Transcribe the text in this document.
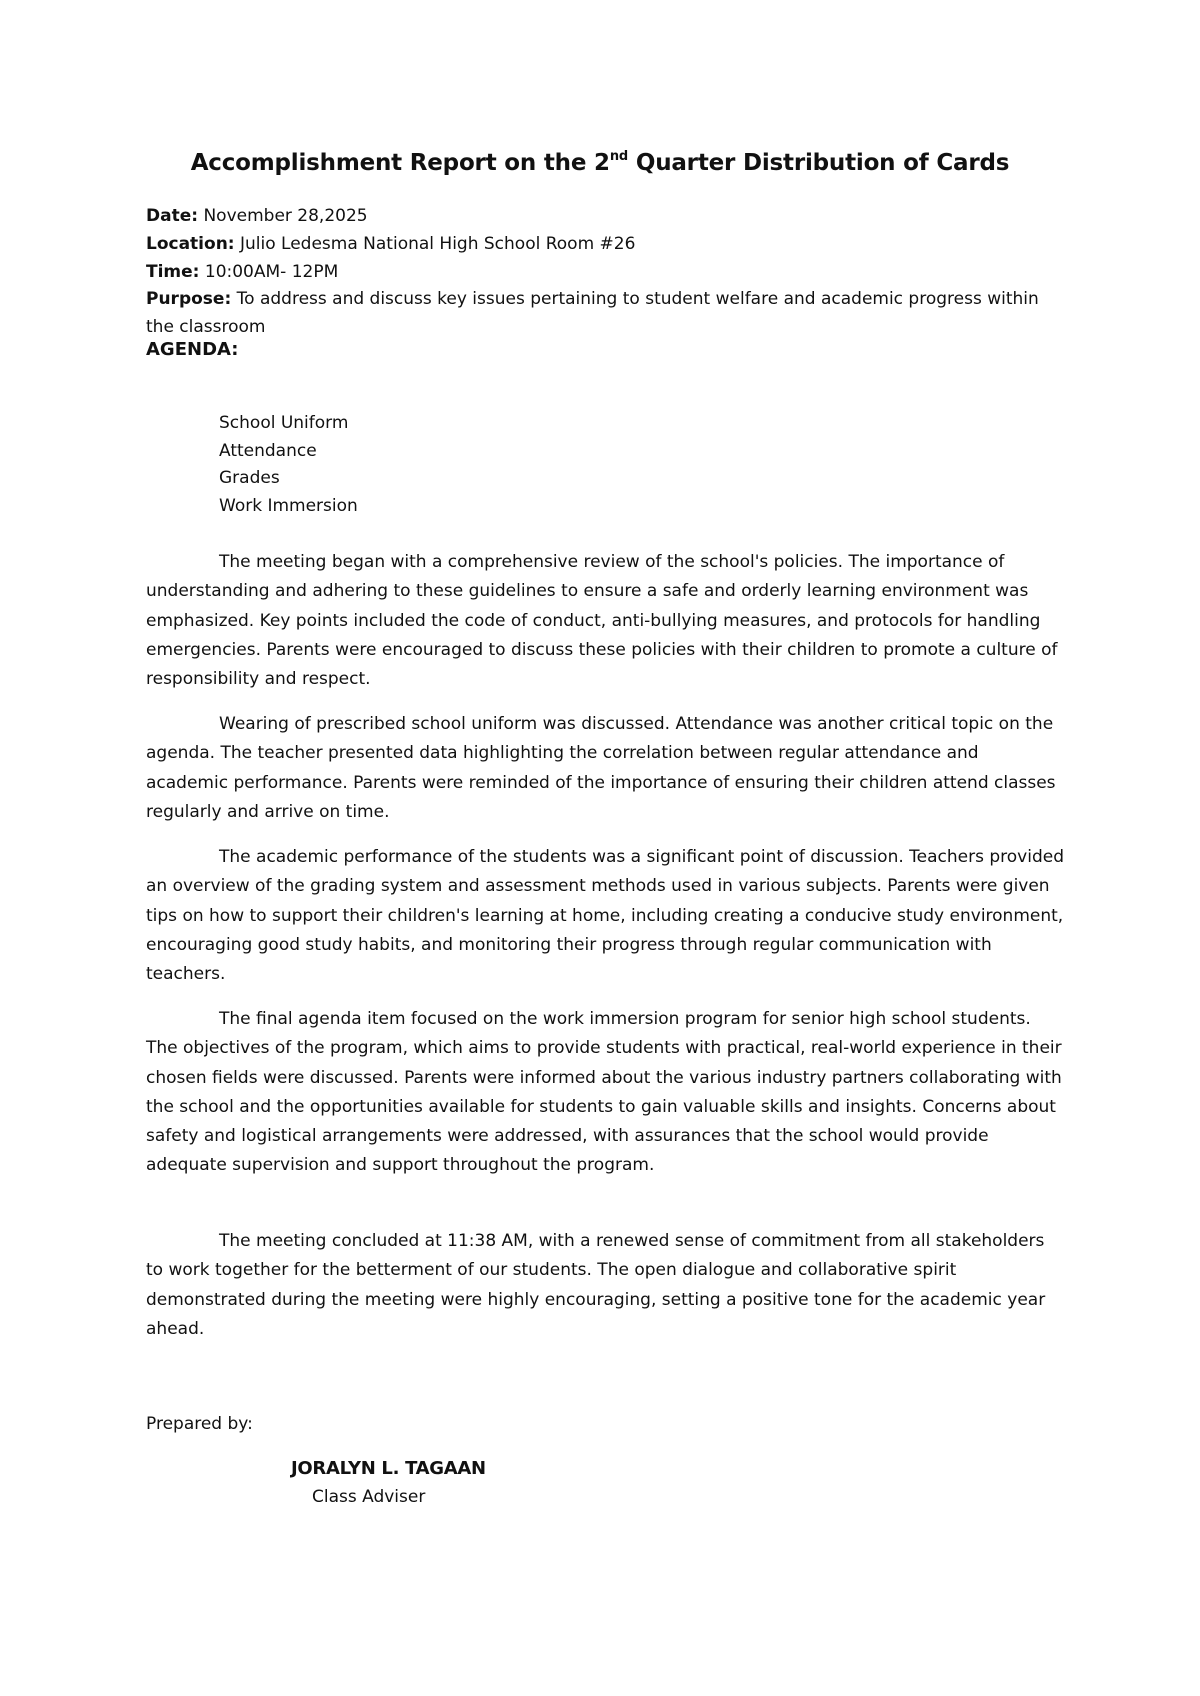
Accomplishment Report on the 2nd Quarter Distribution of Cards
Date: November 28,2025
Location: Julio Ledesma National High School Room #26
Time: 10:00AM- 12PM
Purpose: To address and discuss key issues pertaining to student welfare and academic progress within the classroom
AGENDA:
School Uniform
Attendance
Grades
Work Immersion

The meeting began with a comprehensive review of the school's policies. The importance of understanding and adhering to these guidelines to ensure a safe and orderly learning environment was emphasized. Key points included the code of conduct, anti-bullying measures, and protocols for handling emergencies. Parents were encouraged to discuss these policies with their children to promote a culture of responsibility and respect.

Wearing of prescribed school uniform was discussed. Attendance was another critical topic on the agenda. The teacher presented data highlighting the correlation between regular attendance and academic performance. Parents were reminded of the importance of ensuring their children attend classes regularly and arrive on time.

The academic performance of the students was a significant point of discussion. Teachers provided an overview of the grading system and assessment methods used in various subjects. Parents were given tips on how to support their children's learning at home, including creating a conducive study environment, encouraging good study habits, and monitoring their progress through regular communication with teachers.

The final agenda item focused on the work immersion program for senior high school students. The objectives of the program, which aims to provide students with practical, real-world experience in their chosen fields were discussed. Parents were informed about the various industry partners collaborating with the school and the opportunities available for students to gain valuable skills and insights. Concerns about safety and logistical arrangements were addressed, with assurances that the school would provide adequate supervision and support throughout the program.

The meeting concluded at 11:38 AM, with a renewed sense of commitment from all stakeholders to work together for the betterment of our students. The open dialogue and collaborative spirit demonstrated during the meeting were highly encouraging, setting a positive tone for the academic year ahead.

Prepared by:
JORALYN L. TAGAAN
Class Adviser
